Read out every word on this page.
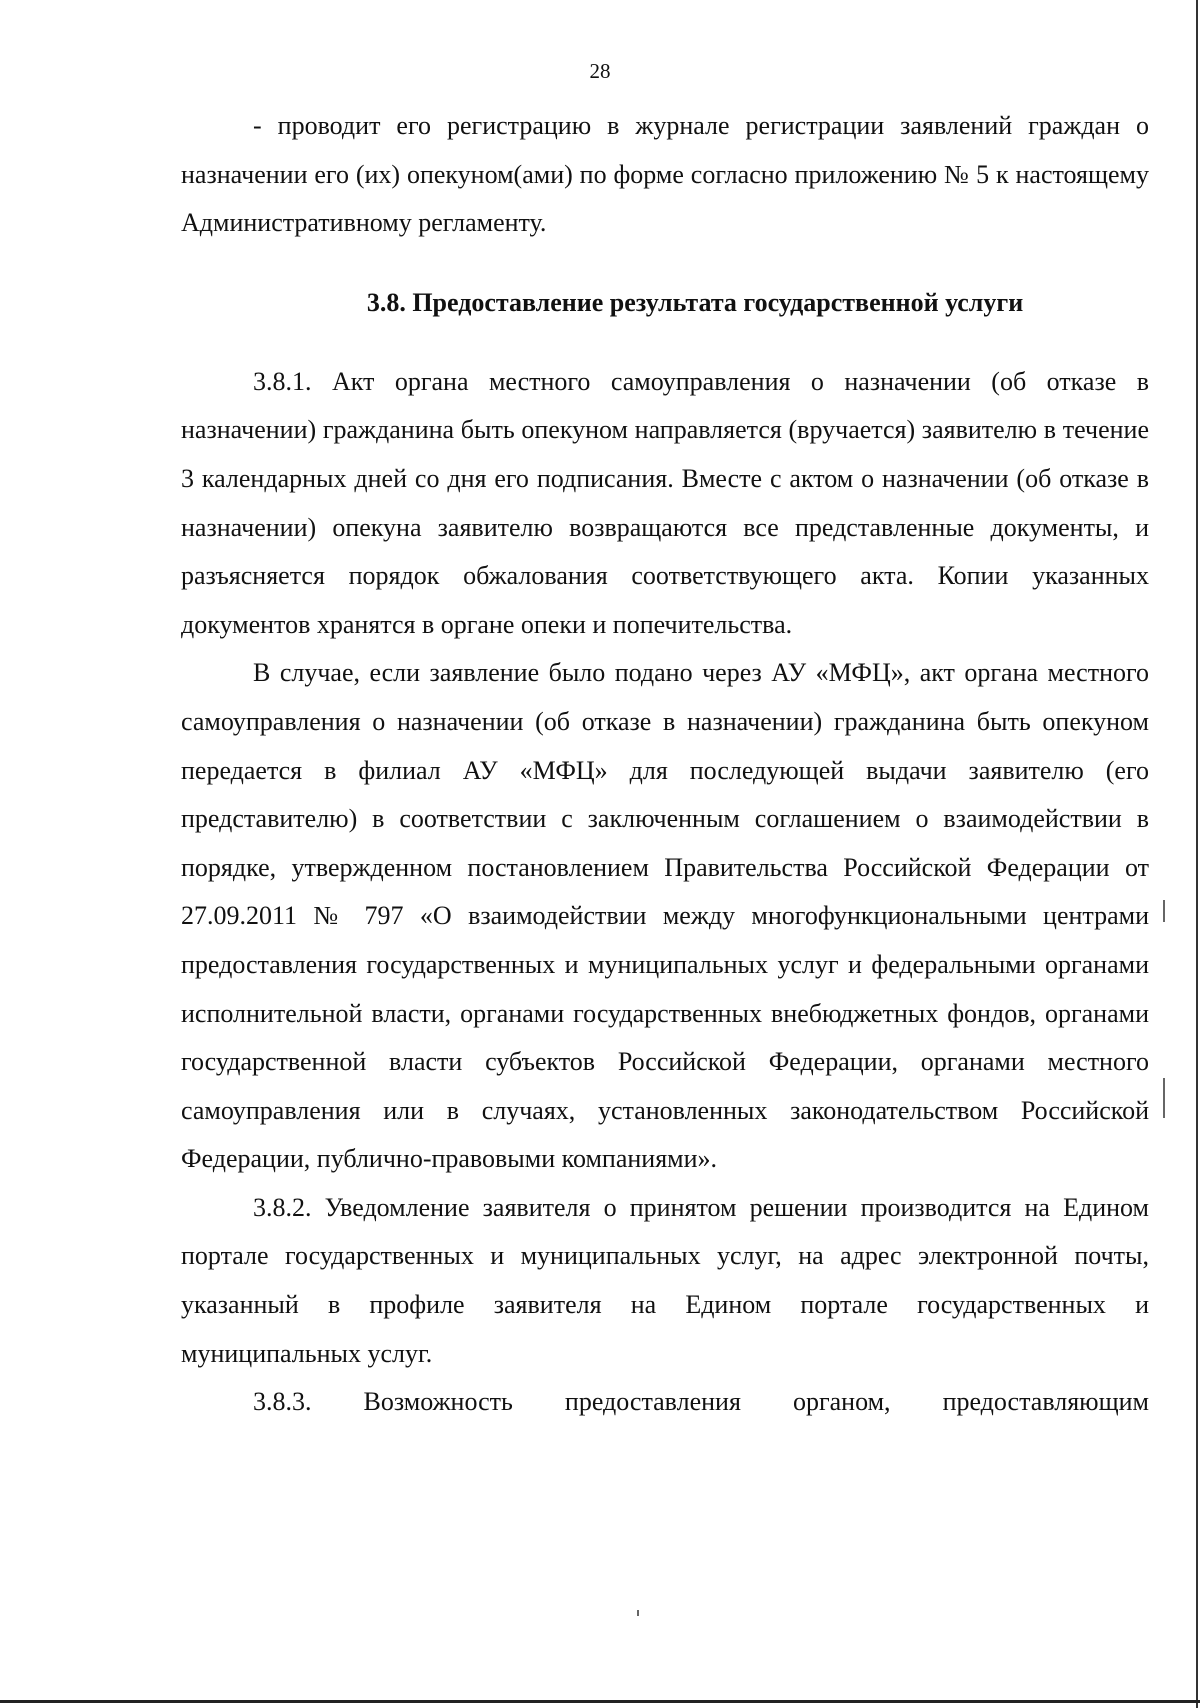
28

- проводит его регистрацию в журнале регистрации заявлений граждан о назначении его (их) опекуном(ами) по форме согласно приложению № 5 к настоящему Административному регламенту.

3.8. Предоставление результата государственной услуги

3.8.1. Акт органа местного самоуправления о назначении (об отказе в назначении) гражданина быть опекуном направляется (вручается) заявителю в течение 3 календарных дней со дня его подписания. Вместе с актом о назначении (об отказе в назначении) опекуна заявителю возвращаются все представленные документы, и разъясняется порядок обжалования соответствующего акта. Копии указанных документов хранятся в органе опеки и попечительства.

В случае, если заявление было подано через АУ «МФЦ», акт органа местного самоуправления о назначении (об отказе в назначении) гражданина быть опекуном передается в филиал АУ «МФЦ» для последующей выдачи заявителю (его представителю) в соответствии с заключенным соглашением о взаимодействии в порядке, утвержденном постановлением Правительства Российской Федерации от 27.09.2011 № 797 «О взаимодействии между многофункциональными центрами предоставления государственных и муниципальных услуг и федеральными органами исполнительной власти, органами государственных внебюджетных фондов, органами государственной власти субъектов Российской Федерации, органами местного самоуправления или в случаях, установленных законодательством Российской Федерации, публично-правовыми компаниями».

3.8.2. Уведомление заявителя о принятом решении производится на Едином портале государственных и муниципальных услуг, на адрес электронной почты, указанный в профиле заявителя на Едином портале государственных и муниципальных услуг.

3.8.3. Возможность предоставления органом, предоставляющим
